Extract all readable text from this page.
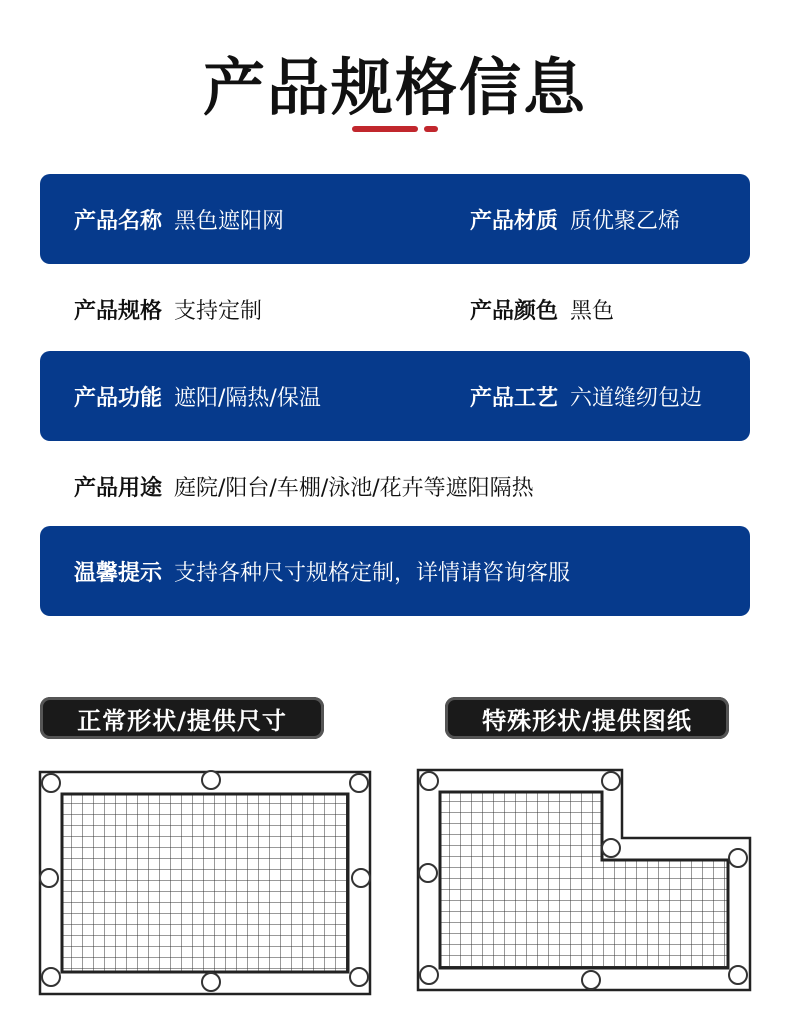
产品规格信息
产品名称 黑色遮阳网	产品材质 质优聚乙烯
产品规格 支持定制	产品颜色 黑色
产品功能 遮阳/隔热/保温	产品工艺 六道缝纫包边
产品用途 庭院/阳台/车棚/泳池/花卉等遮阳隔热
温馨提示 支持各种尺寸规格定制，详情请咨询客服
正常形状/提供尺寸	特殊形状/提供图纸
